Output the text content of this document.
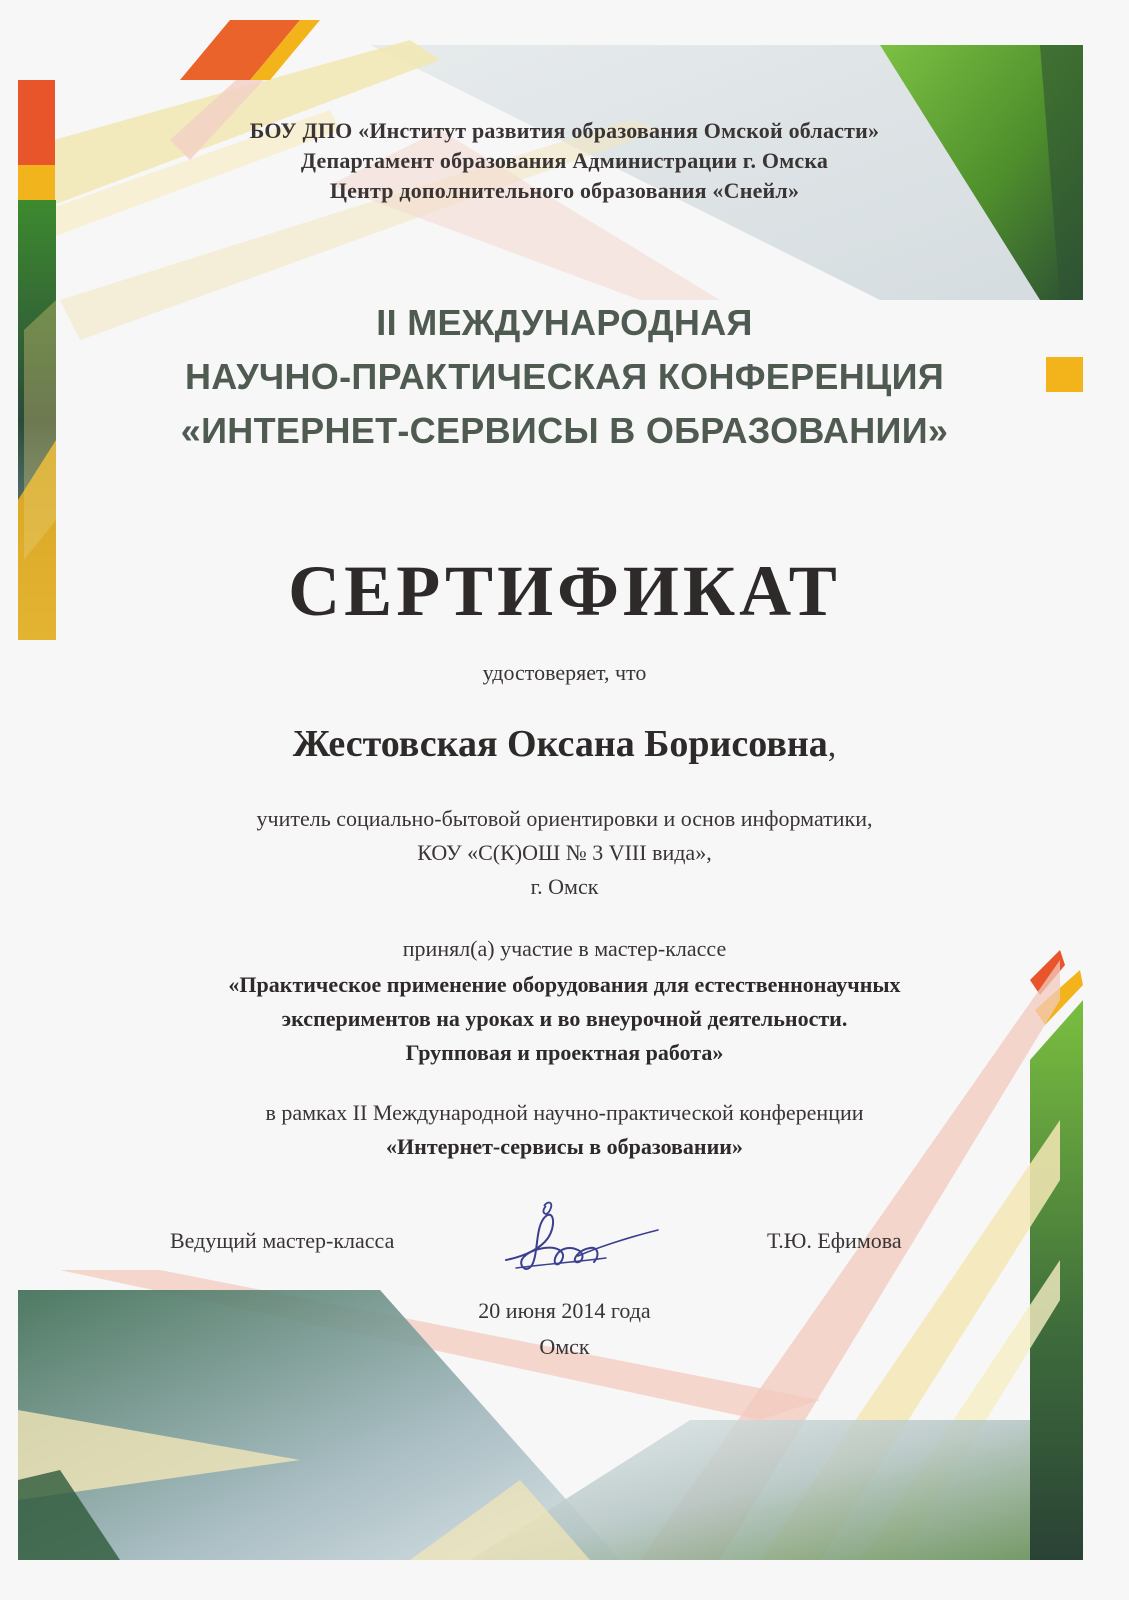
БОУ ДПО «Институт развития образования Омской области»
Департамент образования Администрации г. Омска
Центр дополнительного образования «Снейл»
II МЕЖДУНАРОДНАЯ
НАУЧНО-ПРАКТИЧЕСКАЯ КОНФЕРЕНЦИЯ
«ИНТЕРНЕТ-СЕРВИСЫ В ОБРАЗОВАНИИ»
СЕРТИФИКАТ
удостоверяет, что
Жестовская Оксана Борисовна,
учитель социально-бытовой ориентировки и основ информатики,
КОУ «С(К)ОШ № 3 VIII вида»,
г. Омск
принял(а) участие в мастер-классе
«Практическое применение оборудования для естественнонаучных
экспериментов на уроках и во внеурочной деятельности.
Групповая и проектная работа»
в рамках II Международной научно-практической конференции
«Интернет-сервисы в образовании»
Ведущий мастер-класса	Т.Ю. Ефимова
20 июня 2014 года
Омск
